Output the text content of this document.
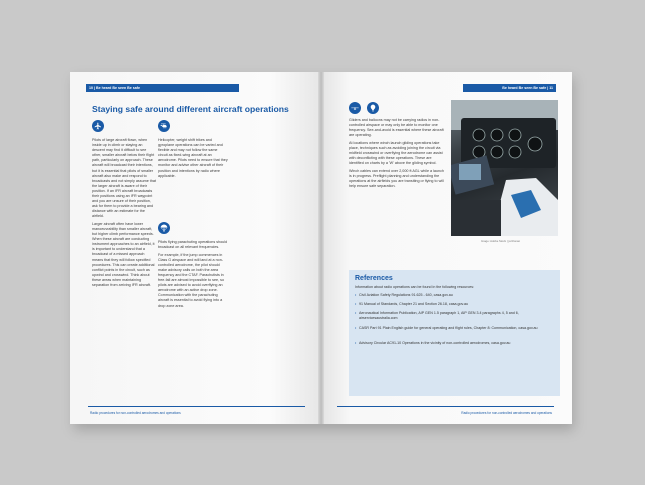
10 | Be heard Be seen Be safe
Staying safe around different aircraft operations

Pilots of large aircraft flown, when inside up in climb or staying an descent may find it difficult to see other, smaller aircraft below their flight path, particularly on approach. These aircraft will broadcast their intentions, but it is essential that pilots of smaller aircraft also make and respond to broadcasts and not simply assume that the larger aircraft is aware of their position. If an IFR aircraft broadcasts their positions using an IFR waypoint and you are unsure of their position, ask for them to provide a bearing and distance with an estimate for the airfield.

Larger aircraft often have lower manoeuvrability than smaller aircraft, but higher climb performance speeds. When these aircraft are conducting instrument approaches to an airfield, it is important to understand that a broadcast of a missed approach means that they will follow specified procedures. This can create additional conflict points in the circuit, such as upwind and crosswind. Think about these areas when maintaining separation from arriving IFR aircraft.

Helicopter, weight shift trikes and gyroplane operations can be varied and flexible and may not follow the same circuit as fixed-wing aircraft at an aerodrome. Pilots need to ensure that they monitor and advise other aircraft of their position and intentions by radio where applicable.

Pilots flying parachuting operations should broadcast on all relevant frequencies.

For example, if the jump commences in Class G airspace and will land at a non-controlled aerodrome, the pilot should make advisory calls on both the area frequency and the CTAF. Parachutists in free-fall are almost impossible to see, so pilots are advised to avoid overflying an aerodrome with an active drop zone. Communication with the parachuting aircraft is essential to avoid flying into a drop zone area.

Radio procedures for non-controlled aerodromes and operations
Be heard Be seen Be safe | 11

Gliders and balloons may not be carrying radios in non-controlled airspace or may only be able to monitor one frequency. See-and-avoid is essential where these aircraft are operating.

At locations where winch launch gliding operations take place, techniques such as avoiding joining the circuit via midfield crosswind or overflying the aerodrome can assist with deconflicting with these operations. These are identified on charts by a 'W' above the gliding symbol.

Winch cables can extend over 2,000 ft AGL while a launch is in progress. Preflight planning and understanding the operations at the airfields you are transiting or flying to will help ensure safe separation.

Image: Adobe Stock | jozzlonan
References
Information about radio operations can be found in the following resources:
• Civil Aviation Safety Regulations 91.625 - 640, casa.gov.au
• 91 Manual of Standards, Chapter 21 and Section 26.18, casa.gov.au
• Aeronautical Information Publication, AIP GEN 1.5 paragraph 1, AIP GEN 3.4 paragraphs 4, 5 and 6, airservicesaustralia.com
• CASR Part 91 Plain English guide for general operating and flight rules, Chapter 8: Communication, casa.gov.au
• Advisory Circular AC91-10 Operations in the vicinity of non-controlled aerodromes, casa.gov.au
Radio procedures for non-controlled aerodromes and operations
